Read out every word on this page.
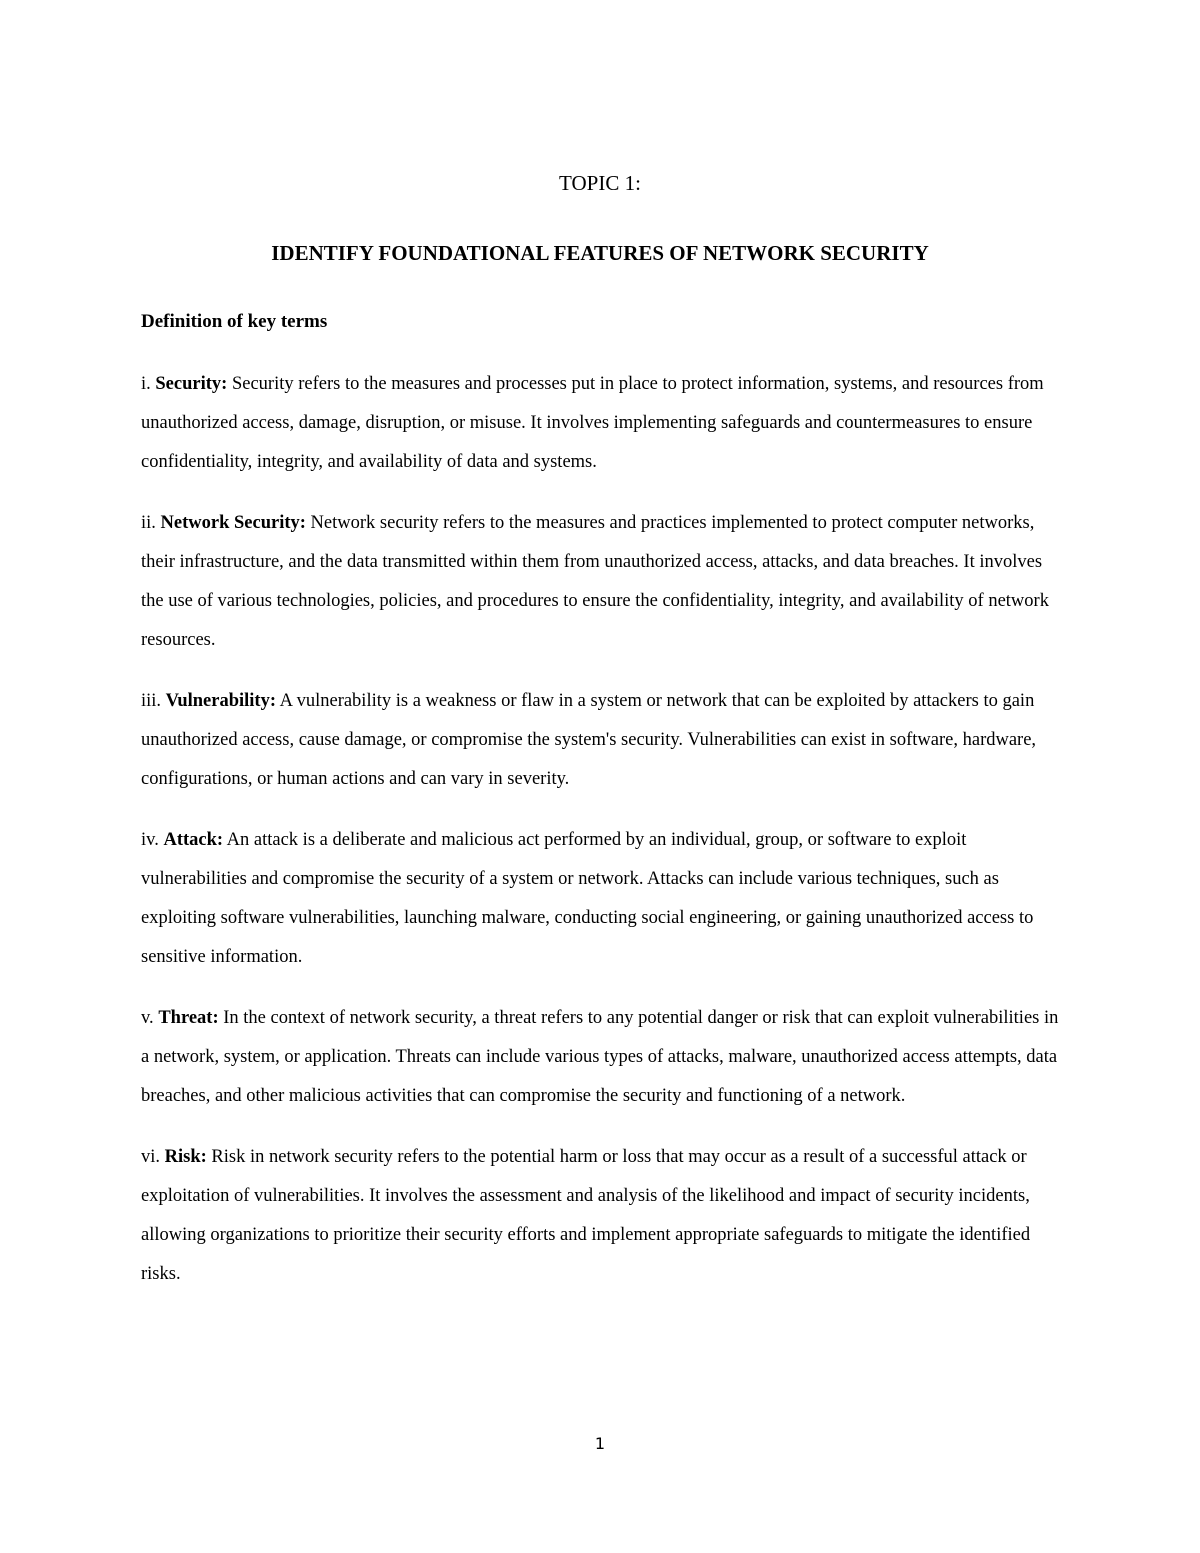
TOPIC 1:
IDENTIFY FOUNDATIONAL FEATURES OF NETWORK SECURITY
Definition of key terms

i. Security: Security refers to the measures and processes put in place to protect information, systems, and resources from unauthorized access, damage, disruption, or misuse. It involves implementing safeguards and countermeasures to ensure confidentiality, integrity, and availability of data and systems.

ii. Network Security: Network security refers to the measures and practices implemented to protect computer networks, their infrastructure, and the data transmitted within them from unauthorized access, attacks, and data breaches. It involves the use of various technologies, policies, and procedures to ensure the confidentiality, integrity, and availability of network resources.

iii. Vulnerability: A vulnerability is a weakness or flaw in a system or network that can be exploited by attackers to gain unauthorized access, cause damage, or compromise the system's security. Vulnerabilities can exist in software, hardware, configurations, or human actions and can vary in severity.

iv. Attack: An attack is a deliberate and malicious act performed by an individual, group, or software to exploit vulnerabilities and compromise the security of a system or network. Attacks can include various techniques, such as exploiting software vulnerabilities, launching malware, conducting social engineering, or gaining unauthorized access to sensitive information.

v. Threat: In the context of network security, a threat refers to any potential danger or risk that can exploit vulnerabilities in a network, system, or application. Threats can include various types of attacks, malware, unauthorized access attempts, data breaches, and other malicious activities that can compromise the security and functioning of a network.

vi. Risk: Risk in network security refers to the potential harm or loss that may occur as a result of a successful attack or exploitation of vulnerabilities. It involves the assessment and analysis of the likelihood and impact of security incidents, allowing organizations to prioritize their security efforts and implement appropriate safeguards to mitigate the identified risks.

1
